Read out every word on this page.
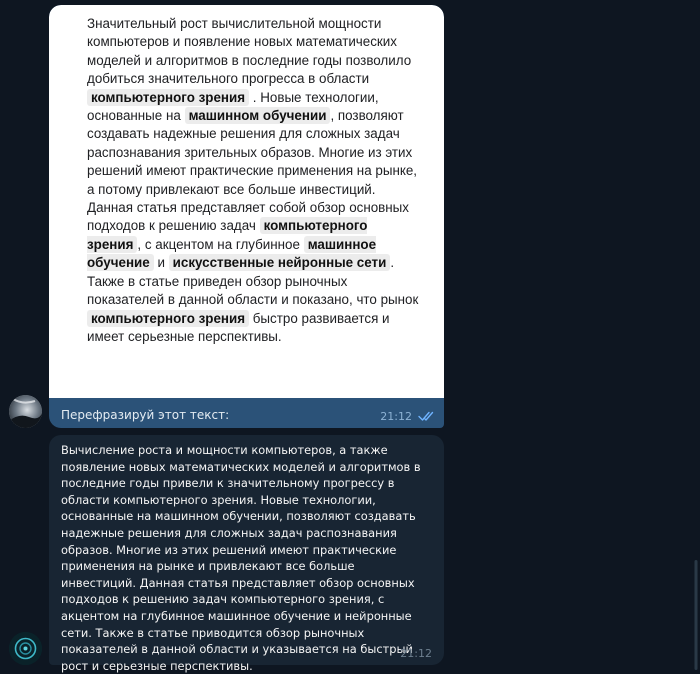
Значительный рост вычислительной мощности компьютеров и появление новых математических моделей и алгоритмов в последние годы позволило добиться значительного прогресса в области компьютерного зрения . Новые технологии, основанные на машинном обучении , позволяют создавать надежные решения для сложных задач распознавания зрительных образов. Многие из этих решений имеют практические применения на рынке, а потому привлекают все больше инвестиций. Данная статья представляет собой обзор основных подходов к решению задач компьютерного зрения , с акцентом на глубинное машинное обучение и искусственные нейронные сети . Также в статье приведен обзор рыночных показателей в данной области и показано, что рынок компьютерного зрения быстро развивается и имеет серьезные перспективы.
Перефразируй этот текст:	21:12
Вычисление роста и мощности компьютеров, а также появление новых математических моделей и алгоритмов в последние годы привели к значительному прогрессу в области компьютерного зрения. Новые технологии, основанные на машинном обучении, позволяют создавать надежные решения для сложных задач распознавания образов. Многие из этих решений имеют практические применения на рынке и привлекают все больше инвестиций. Данная статья представляет обзор основных подходов к решению задач компьютерного зрения, с акцентом на глубинное машинное обучение и нейронные сети. Также в статье приводится обзор рыночных показателей в данной области и указывается на быстрый рост и серьезные перспективы.
21:12
